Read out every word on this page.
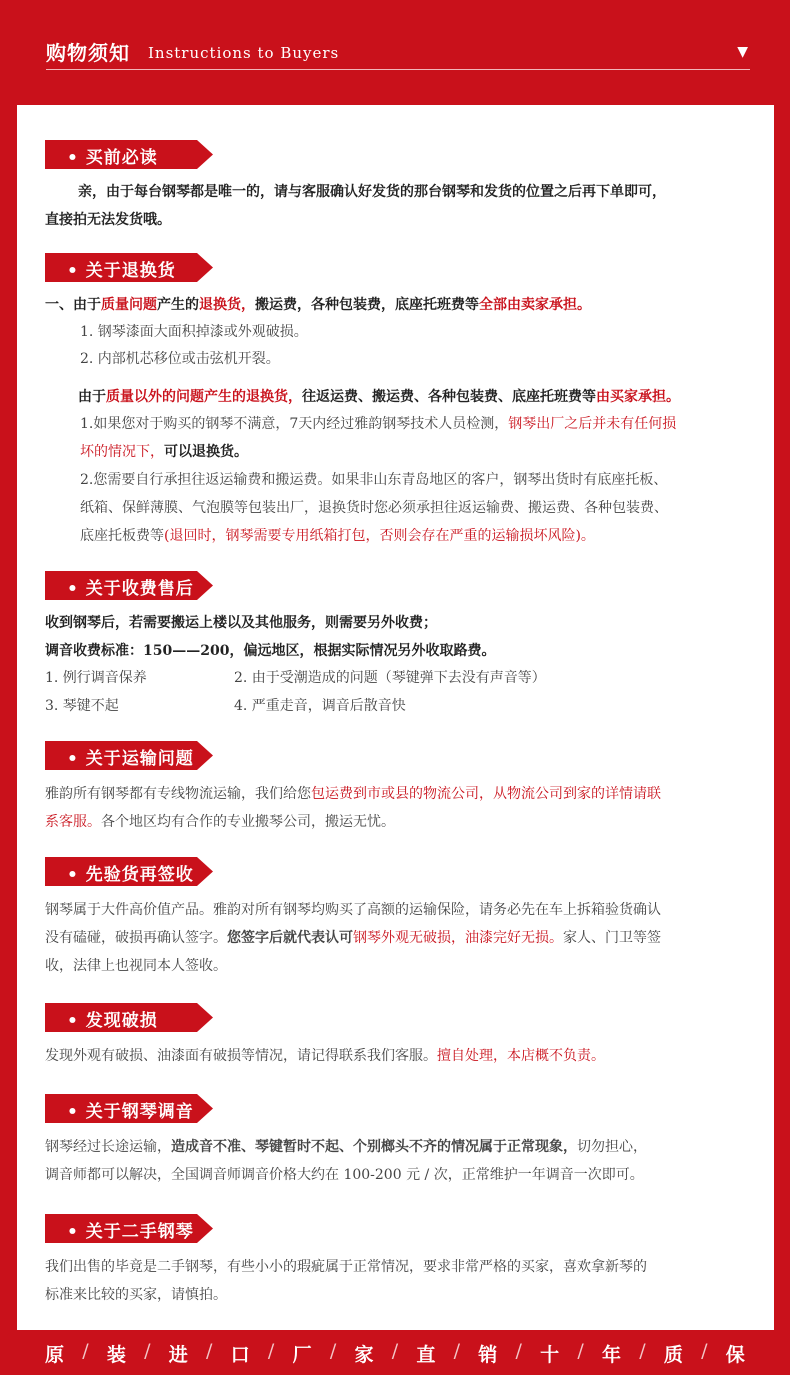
购物须知 Instructions to Buyers	▼
• 买前必读
亲，由于每台钢琴都是唯一的，请与客服确认好发货的那台钢琴和发货的位置之后再下单即可，
直接拍无法发货哦。
• 关于退换货
一、由于质量问题产生的退换货，搬运费，各种包装费，底座托班费等全部由卖家承担。
1. 钢琴漆面大面积掉漆或外观破损。
2. 内部机芯移位或击弦机开裂。
由于质量以外的问题产生的退换货，往返运费、搬运费、各种包装费、底座托班费等由买家承担。
1.如果您对于购买的钢琴不满意，7天内经过雅韵钢琴技术人员检测，钢琴出厂之后并未有任何损
坏的情况下，可以退换货。
2.您需要自行承担往返运输费和搬运费。如果非山东青岛地区的客户，钢琴出货时有底座托板、
纸箱、保鲜薄膜、气泡膜等包装出厂，退换货时您必须承担往返运输费、搬运费、各种包装费、
底座托板费等(退回时，钢琴需要专用纸箱打包，否则会存在严重的运输损坏风险)。
• 关于收费售后
收到钢琴后，若需要搬运上楼以及其他服务，则需要另外收费；
调音收费标准：150——200，偏远地区，根据实际情况另外收取路费。
1. 例行调音保养	2. 由于受潮造成的问题（琴键弹下去没有声音等）
3. 琴键不起	4. 严重走音，调音后散音快
• 关于运输问题
雅韵所有钢琴都有专线物流运输，我们给您包运费到市或县的物流公司，从物流公司到家的详情请联
系客服。各个地区均有合作的专业搬琴公司，搬运无忧。
• 先验货再签收
钢琴属于大件高价值产品。雅韵对所有钢琴均购买了高额的运输保险，请务必先在车上拆箱验货确认
没有磕碰，破损再确认签字。您签字后就代表认可钢琴外观无破损，油漆完好无损。家人、门卫等签
收，法律上也视同本人签收。
• 发现破损
发现外观有破损、油漆面有破损等情况，请记得联系我们客服。擅自处理，本店概不负责。
• 关于钢琴调音
钢琴经过长途运输，造成音不准、琴键暂时不起、个别榔头不齐的情况属于正常现象，切勿担心，
调音师都可以解决，全国调音师调音价格大约在 100-200 元 / 次，正常维护一年调音一次即可。
• 关于二手钢琴
我们出售的毕竟是二手钢琴，有些小小的瑕疵属于正常情况，要求非常严格的买家，喜欢拿新琴的
标准来比较的买家，请慎拍。
原 / 装 / 进 / 口 / 厂 / 家 / 直 / 销 / 十 / 年 / 质 / 保
